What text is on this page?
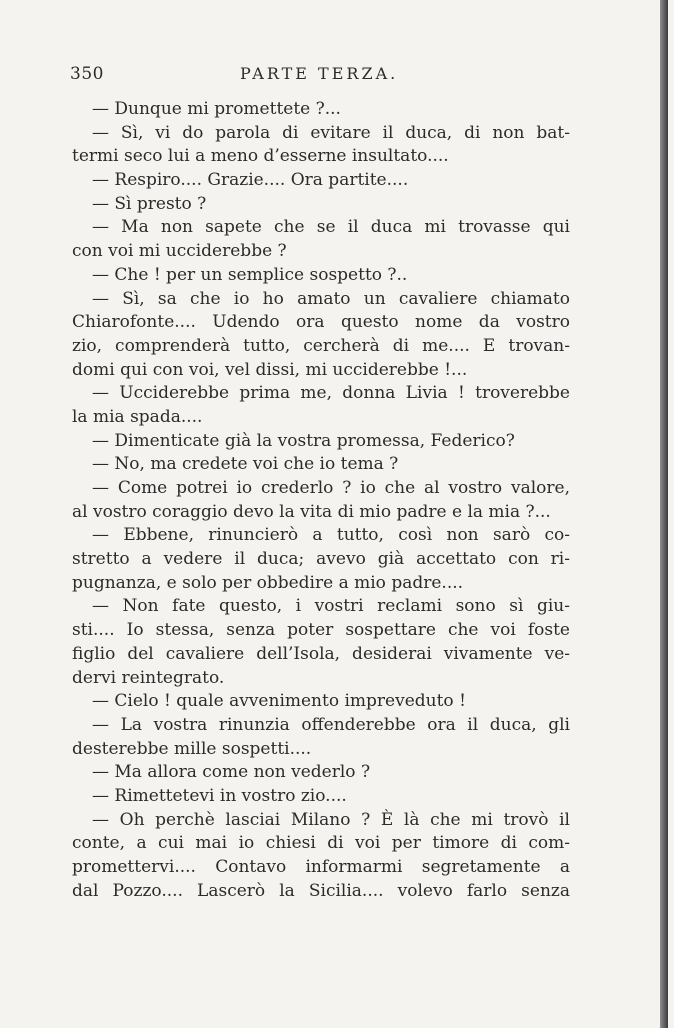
350	PARTE TERZA.
— Dunque mi promettete ?...
— Sì, vi do parola di evitare il duca, di non bat-
termi seco lui a meno d’esserne insultato....
— Respiro.... Grazie.... Ora partite....
— Sì presto ?
— Ma non sapete che se il duca mi trovasse qui
con voi mi ucciderebbe ?
— Che ! per un semplice sospetto ?..
— Sì, sa che io ho amato un cavaliere chiamato
Chiarofonte.... Udendo ora questo nome da vostro
zio, comprenderà tutto, cercherà di me.... E trovan-
domi qui con voi, vel dissi, mi ucciderebbe !...
— Ucciderebbe prima me, donna Livia ! troverebbe
la mia spada....
— Dimenticate già la vostra promessa, Federico?
— No, ma credete voi che io tema ?
— Come potrei io crederlo ? io che al vostro valore,
al vostro coraggio devo la vita di mio padre e la mia ?...
— Ebbene, rinuncierò a tutto, così non sarò co-
stretto a vedere il duca; avevo già accettato con ri-
pugnanza, e solo per obbedire a mio padre....
— Non fate questo, i vostri reclami sono sì giu-
sti.... Io stessa, senza poter sospettare che voi foste
figlio del cavaliere dell’Isola, desiderai vivamente ve-
dervi reintegrato.
— Cielo ! quale avvenimento impreveduto !
— La vostra rinunzia offenderebbe ora il duca, gli
desterebbe mille sospetti....
— Ma allora come non vederlo ?
— Rimettetevi in vostro zio....
— Oh perchè lasciai Milano ? È là che mi trovò il
conte, a cui mai io chiesi di voi per timore di com-
promettervi.... Contavo informarmi segretamente a
dal Pozzo.... Lascerò la Sicilia.... volevo farlo senza
